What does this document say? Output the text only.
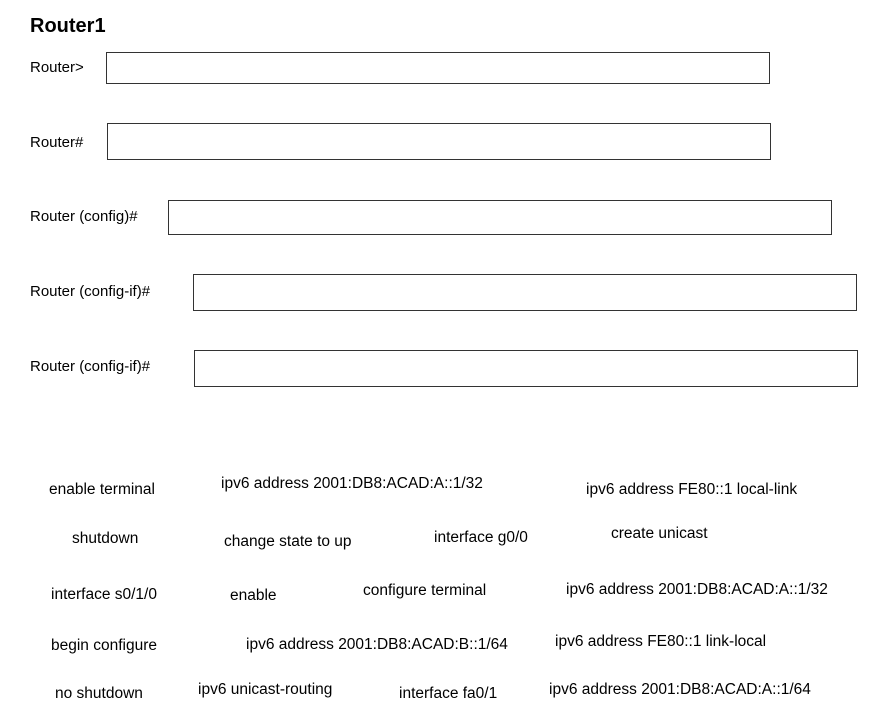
Router1
Router>
Router#
Router (config)#
Router (config-if)#
Router (config-if)#
enable terminal	ipv6 address 2001:DB8:ACAD:A::1/32	ipv6 address FE80::1 local-link
shutdown	change state to up	interface g0/0	create unicast
interface s0/1/0	enable	configure terminal	ipv6 address 2001:DB8:ACAD:A::1/32
begin configure	ipv6 address 2001:DB8:ACAD:B::1/64	ipv6 address FE80::1 link-local
no shutdown	ipv6 unicast-routing	interface fa0/1	ipv6 address 2001:DB8:ACAD:A::1/64
